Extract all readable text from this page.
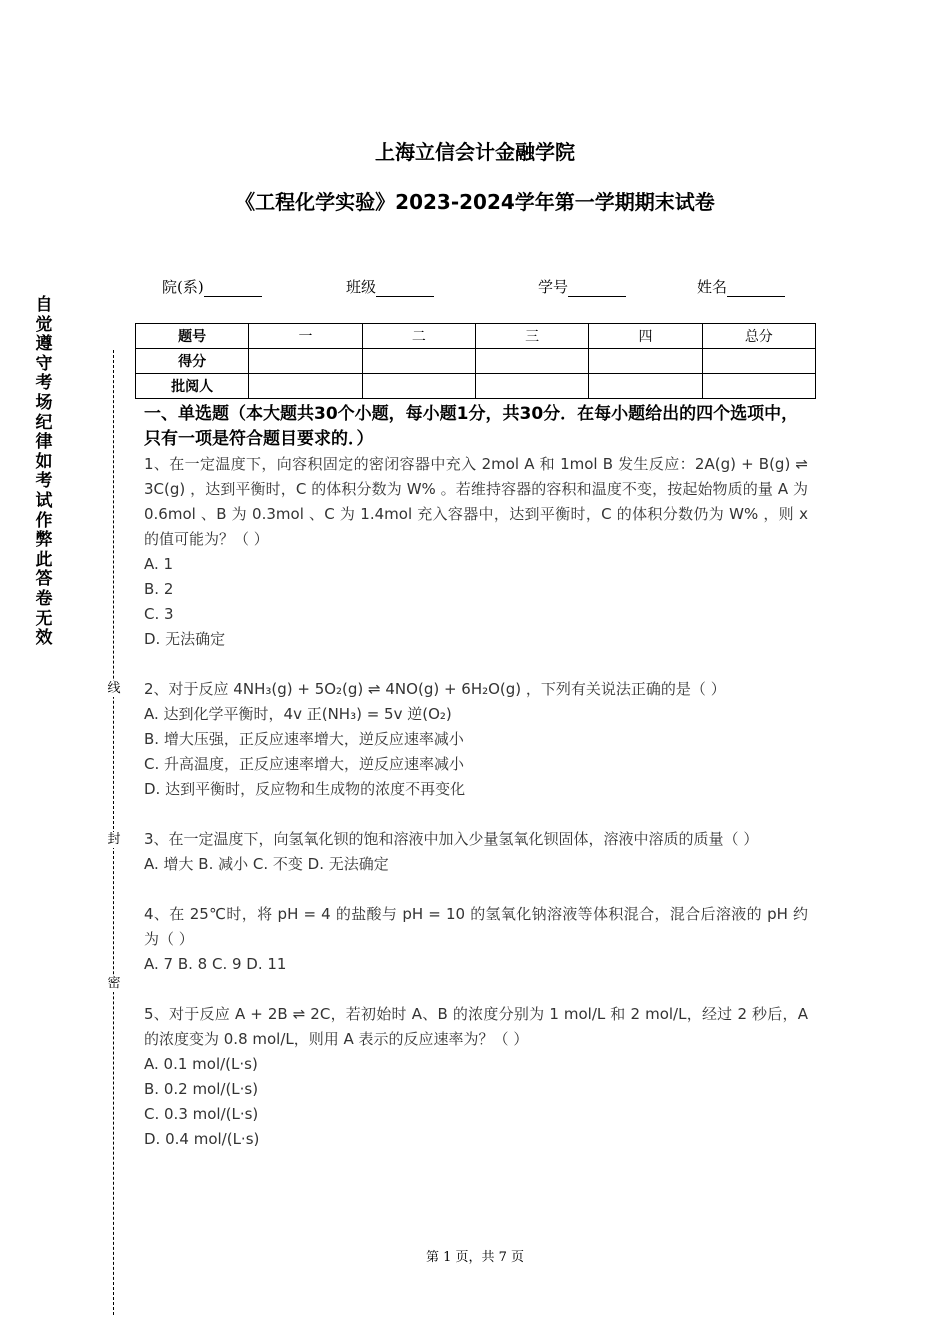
上海立信会计金融学院
《工程化学实验》2023-2024学年第一学期期末试卷
院(系)	班级	学号	姓名
自觉遵守考场纪律如考试作弊此答卷无效
线
封
密
题号	一	二	三	四	总分
得分					
批阅人					
一、单选题（本大题共30个小题，每小题1分，共30分．在每小题给出的四个选项中，只有一项是符合题目要求的．）
1、在一定温度下，向容积固定的密闭容器中充入 2mol A 和 1mol B 发生反应：2A(g) + B(g) ⇌ 3C(g) ，达到平衡时，C 的体积分数为 W% 。若维持容器的容积和温度不变，按起始物质的量 A 为 0.6mol 、B 为 0.3mol 、C 为 1.4mol 充入容器中，达到平衡时，C 的体积分数仍为 W% ，则 x 的值可能为？（ ）
A. 1
B. 2
C. 3
D. 无法确定
2、对于反应 4NH₃(g) + 5O₂(g) ⇌ 4NO(g) + 6H₂O(g) ，下列有关说法正确的是（ ）
A. 达到化学平衡时，4v 正(NH₃) = 5v 逆(O₂)
B. 增大压强，正反应速率增大，逆反应速率减小
C. 升高温度，正反应速率增大，逆反应速率减小
D. 达到平衡时，反应物和生成物的浓度不再变化
3、在一定温度下，向氢氧化钡的饱和溶液中加入少量氢氧化钡固体，溶液中溶质的质量（ ）
A. 增大 B. 减小 C. 不变 D. 无法确定
4、在 25℃时，将 pH = 4 的盐酸与 pH = 10 的氢氧化钠溶液等体积混合，混合后溶液的 pH 约为（ ）
A. 7 B. 8 C. 9 D. 11
5、对于反应 A + 2B ⇌ 2C，若初始时 A、B 的浓度分别为 1 mol/L 和 2 mol/L，经过 2 秒后，A 的浓度变为 0.8 mol/L，则用 A 表示的反应速率为？（ ）
A. 0.1 mol/(L·s)
B. 0.2 mol/(L·s)
C. 0.3 mol/(L·s)
D. 0.4 mol/(L·s)
第 1 页，共 7 页
